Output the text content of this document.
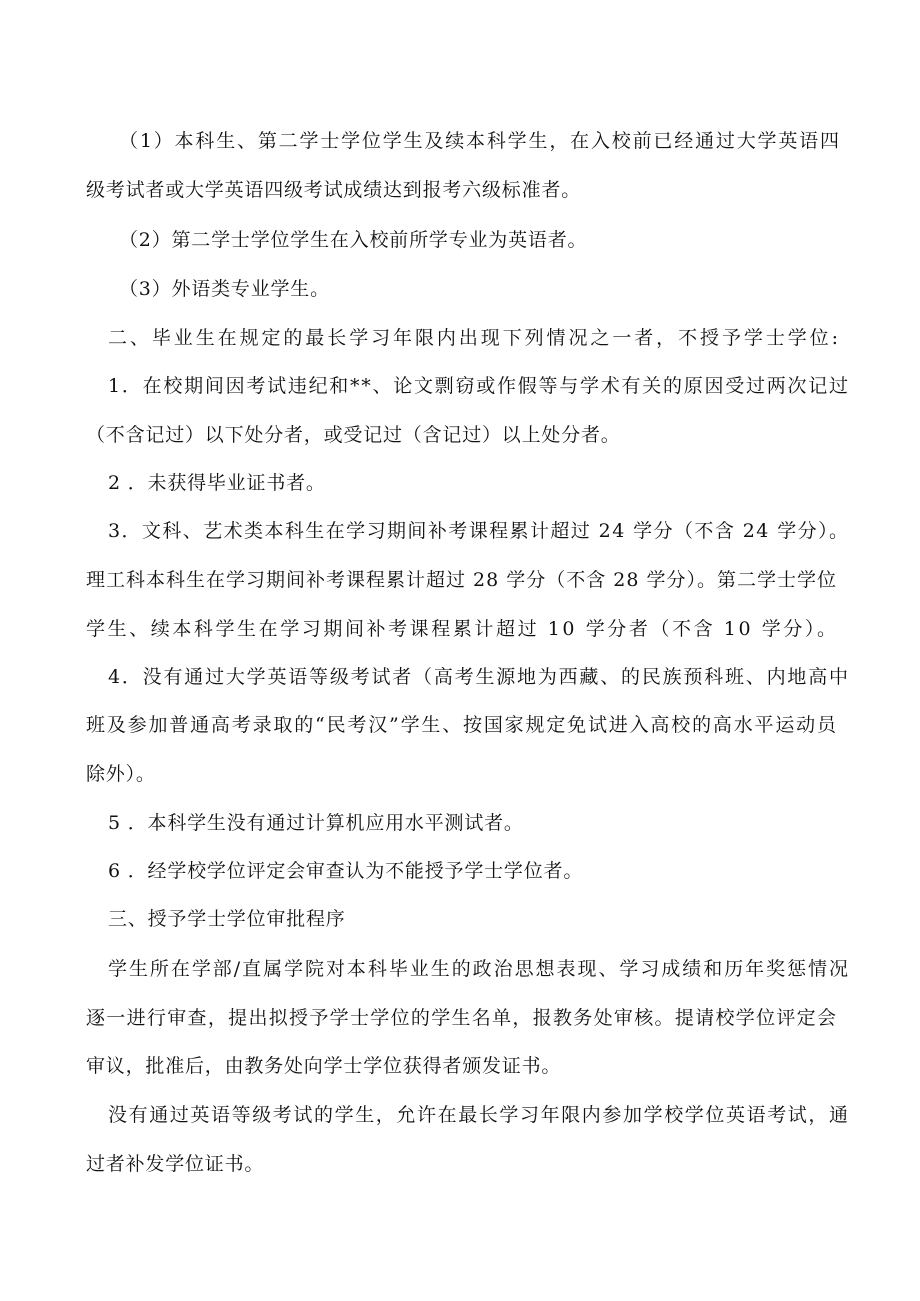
（1）本科生、第二学士学位学生及续本科学生，在入校前已经通过大学英语四
级考试者或大学英语四级考试成绩达到报考六级标准者。
（2）第二学士学位学生在入校前所学专业为英语者。
（3）外语类专业学生。
二、毕业生在规定的最长学习年限内出现下列情况之一者，不授予学士学位:
1．在校期间因考试违纪和**、论文剽窃或作假等与学术有关的原因受过两次记过
（不含记过）以下处分者，或受记过（含记过）以上处分者。
2 ．未获得毕业证书者。
3．文科、艺术类本科生在学习期间补考课程累计超过 24 学分（不含 24 学分）。
理工科本科生在学习期间补考课程累计超过 28 学分（不含 28 学分）。第二学士学位
学生、续本科学生在学习期间补考课程累计超过 10 学分者（不含 10 学分）。
4．没有通过大学英语等级考试者（高考生源地为西藏、的民族预科班、内地高中
班及参加普通高考录取的“民考汉”学生、按国家规定免试进入高校的高水平运动员
除外）。
5 ．本科学生没有通过计算机应用水平测试者。
6 ．经学校学位评定会审查认为不能授予学士学位者。
三、授予学士学位审批程序
学生所在学部/直属学院对本科毕业生的政治思想表现、学习成绩和历年奖惩情况
逐一进行审查，提出拟授予学士学位的学生名单，报教务处审核。提请校学位评定会
审议，批准后，由教务处向学士学位获得者颁发证书。
没有通过英语等级考试的学生，允许在最长学习年限内参加学校学位英语考试，通
过者补发学位证书。
